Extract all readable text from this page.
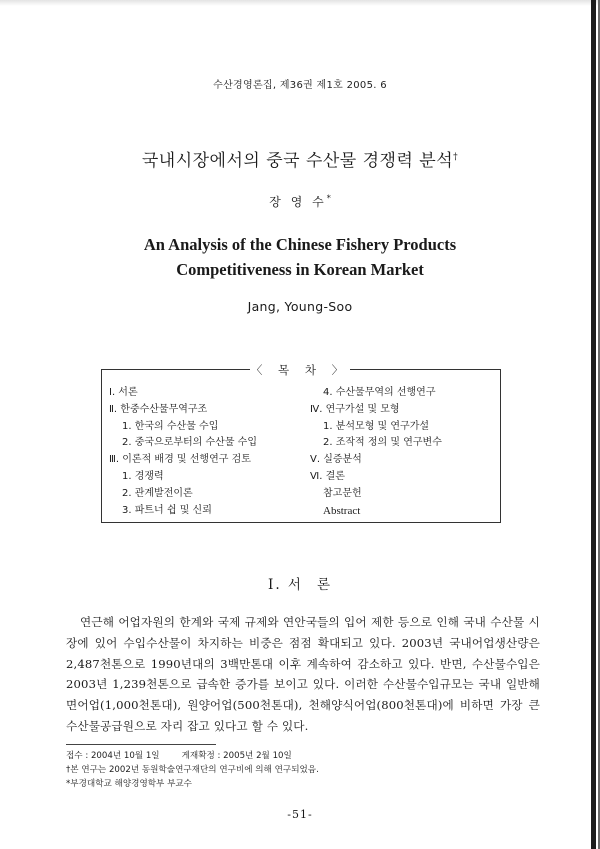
수산경영론집, 제36권 제1호 2005. 6
국내시장에서의 중국 수산물 경쟁력 분석†
장 영 수*
An Analysis of the Chinese Fishery Products
Competitiveness in Korean Market
Jang, Young-Soo
〈 목 차 〉
Ⅰ. 서론
Ⅱ. 한중수산물무역구조
1. 한국의 수산물 수입
2. 중국으로부터의 수산물 수입
Ⅲ. 이론적 배경 및 선행연구 검토
1. 경쟁력
2. 관계발전이론
3. 파트너 쉽 및 신뢰
4. 수산물무역의 선행연구
Ⅳ. 연구가설 및 모형
1. 분석모형 및 연구가설
2. 조작적 정의 및 연구변수
Ⅴ. 실증분석
Ⅵ. 결론
참고문헌
Abstract
Ⅰ. 서 론
연근해 어업자원의 한계와 국제 규제와 연안국들의 입어 제한 등으로 인해 국내 수산물 시장에 있어 수입수산물이 차지하는 비중은 점점 확대되고 있다. 2003년 국내어업생산량은 2,487천톤으로 1990년대의 3백만톤대 이후 계속하여 감소하고 있다. 반면, 수산물수입은 2003년 1,239천톤으로 급속한 증가를 보이고 있다. 이러한 수산물수입규모는 국내 일반해면어업(1,000천톤대), 원양어업(500천톤대), 천해양식어업(800천톤대)에 비하면 가장 큰 수산물공급원으로 자리 잡고 있다고 할 수 있다.
접수 : 2004년 10월 1일	게재확정 : 2005년 2월 10일
†본 연구는 2002년 동원학술연구재단의 연구비에 의해 연구되었음.
*부경대학교 해양경영학부 부교수
-51-
